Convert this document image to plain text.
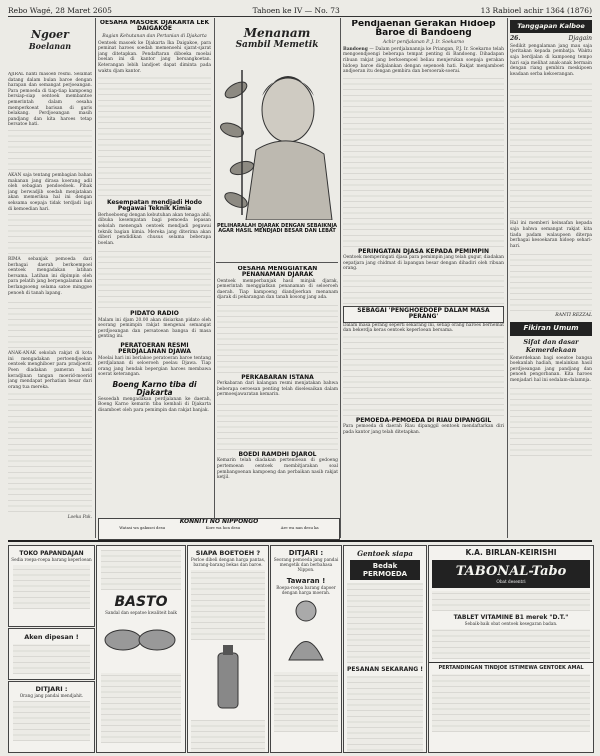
Rebo Wagé, 28 Maret 2605	Tahoen ke IV — No. 73	13 Rabioel achir 1364 (1876)
Ngoer
Boelanan

AJIRAL nanti masoeb resmi. Selamat datang dalam bulan baroe dengan harapan dan semangat perjoeangan. Para pemoeda di tiap-tiap kampoeng bersiap-siap oentoek membantoe pemerintah dalam oesaha memperkoeat barisan di garis belakang. Perdjoeangan masih pandjang dan kita haroes tetap bersatoe hati.

AKAN saja tentang pembagian bahan makanan jang dirasa koerang adil oleh sebagian pendoedoek. Pihak jang berwadjib soedah menjatakan akan memeriksa hal ini dengan seksama soepaja tidak terdjadi lagi di kemoedian hari.

RIMA sebanjak pemoeda dari berbagai daerah berkoempoel oentoek mengadakan latihan bersama. Latihan ini dipimpin oleh para pelatih jang berpengalaman dan berlangsoeng selama satoe minggoe penoeh di tanah lapang.

ANAK-ANAK sekolah rakjat di kota ini mengadakan pertoendjoekan oentoek menghiboer para pradjoerit. Poen diadakan pameran hasil keradjinan tangan moerid-moerid jang mendapat perhatian besar dari orang tua mereka.

Loeka Pak.

OESAHA MASOEK DJAKARTA LEK DAIGAKOE
Bagian Kehutanan dan Pertanian di Djakarta
Oentoek masoek ke Djakarta Ika Daigakoe, para peminat haroes soedah memenoehi sjarat-sjarat jang ditetapkan. Pendaftaran diboeka moelai boelan ini di kantor jang bersangkoetan. Keterangan lebih landjoet dapat diminta pada waktu djam kantor.
Kesempatan mendjadi Hodo Pegawai Teknik Kimia
Berhoeboeng dengan kebutuhan akan tenaga ahli, dibuka kesempatan bagi pemoeda lepasan sekolah menengah oentoek mendjadi pegawai teknik bagian kimia. Mereka jang diterima akan diberi pendidikan chusus selama beberapa boelan.
PIDATO RADIO
Malam ini djam 20.00 akan disiarkan pidato oleh seorang pemimpin rakjat mengenai semangat perdjoeangan dan persatoean bangsa di masa genting ini.
PERATOERAN RESMI PERDJALANAN DJAWA
Moelai hari ini berlakoe peratoeran baroe tentang perdjalanan di seloeroeh poelau Djawa. Tiap orang jang hendak bepergian haroes membawa soerat keterangan.
Boeng Karno tiba di Djakarta
Sesoedah mengadakan perdjalanan ke daerah, Boeng Karno kemarin tiba kembali di Djakarta disamboet oleh para pemimpin dan rakjat banjak.
Menanam
Sambil Memetik
PELIHARALAH DJARAK DENGAN SEBAIKNJA
AGAR HASIL MENDJADI BESAR DAN LEBAT
OESAHA MENGGIATKAN PENANAMAN DJARAK
Oentoek memperbanjak hasil minjak djarak, pemerintah menggiatkan penanaman di seloeroeh daerah. Tiap kampoeng diandjoerkan menanam djarak di pekarangan dan tanah kosong jang ada.
PERKABARAN ISTANA
Perkabaran dari kalangan resmi menjatakan bahwa beberapa oeroesan penting telah diselesaikan dalam permoesjawaratan kemarin.
BOEDI RAMDHI DJAROL
Kemarin telah diadakan pertemoean di gedoeng pertemoean oentoek membitjarakan soal pembangoenan kampoeng dan perbaikan nasib rakjat ketjil.
Pendjaenan Gerakan Hidoep Baroe di Bandoeng
Achir perdjalanan P. J. Ir. Soekarno
Bandoeng — Dalam perdjalanannja ke Priangan, P.J. Ir. Soekarno telah mengoendjoengi beberapa tempat penting di Bandoeng. Dihadapan ribuan rakjat jang berkoempoel beliau menjerukan soepaja gerakan hidoep baroe didjalankan dengan sepenoeh hati. Rakjat menjamboet andjoeran itu dengan gembira dan bersoerak-soerai.
PERINGATAN DJASA KEPADA PEMIMPIN
Oentoek memperingati djasa para pemimpin jang telah gugur, diadakan oepatjara jang chidmat di lapangan besar dengan dihadiri oleh ribuan orang.
SEBAGAI 'PENGHOEDOEP DALAM MASA PERANG'
Dalam masa perang seperti sekarang ini, setiap orang haroes berhemat dan bekerdja keras oentoek keperloean bersama.
PEMOEDA-PEMOEDA DI RIAU DIPANGGIL
Para pemoeda di daerah Riau dipanggil oentoek mendaftarkan diri pada kantor jang telah ditetapkan.
Tanggapan Kalboe
26.	Djagain
Sedikit pengalaman jang mau saja tjeritakan kepada pembatja. Waktu saja berdjalan di kampoeng tempo hari saja melihat anak-anak bermain dengan riang gembira meskipoen keadaan serba kekoerangan.
Hal ini memberi keinsafan kepada saja bahwa semangat rakjat kita tiada padam walaupoen diterpa berbagai kesoekaran hidoep sehari-hari.
RANTI REZZAL
Fikiran Umum
Sifat dan dasar Kemerdekaan
Kemerdekaan bagi soeatoe bangsa boekanlah hadiah, melainkan hasil perdjoeangan jang pandjang dan penoeh pengorbanan. Kita haroes menjadari hal ini sedalam-dalamnja.
KONNITI NO NIPPONGO
Watasi wa gakusei desu	Kore wa hon desu	Are wa nan desu ka
TOKO PAPANDAJAN
Sedia roepa-roepa barang keperloean
Aken dipesan !
DITJARI :
Orang jang pandai mendjahit.
BASTO
Sandal dan sepatoe kwaliteit baik
SIAPA BOETOEH ?
Perloe dibeli dengan harga pantas, barang-barang bekas dan baroe.
DITJARI :
Seorang pemoeda jang pandai mengetik dan berbahasa Nippon.
Tawaran !
Roepa-roepa barang dapoer dengan harga moerah.
Gentoek siapa
Bedak PERMOEDA
PESANAN SEKARANG !
K.A. BIRLAN-KEIRISHI
TABONAL-Tabo
Obat desentri
TABLET VITAMINE B1 merek "D.T."
Sebaik-baik obat oentoek kesegaran badan.
PERTANDINGAN TINDJOE ISTIMEWA GENTOEK AMAL
